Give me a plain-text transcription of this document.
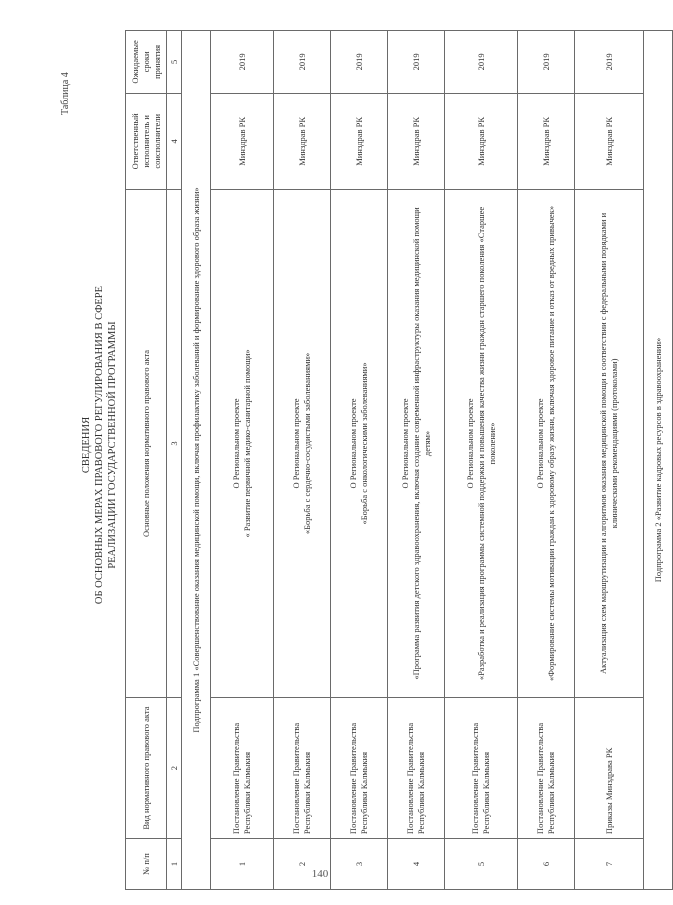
Таблица 4
СВЕДЕНИЯ ОБ ОСНОВНЫХ МЕРАХ ПРАВОВОГО РЕГУЛИРОВАНИЯ В СФЕРЕ РЕАЛИЗАЦИИ ГОСУДАРСТВЕННОЙ ПРОГРАММЫ
№ п/п	Вид нормативного правового акта	Основные положения нормативного правового акта	Ответственный исполнитель и соисполнители	Ожидаемые сроки принятия
1	2	3	4	5
Подпрограмма 1 «Совершенствование оказания медицинской помощи, включая профилактику заболеваний и формирование здорового образа жизни»				
1	Постановление Правительства Республики Калмыкия	О Региональном проекте « Развитие первичной медико-санитарной помощи»	Минздрав РК	2019
2	Постановление Правительства Республики Калмыкия	О Региональном проекте «Борьба с сердечно-сосудистыми заболеваниями»	Минздрав РК	2019
3	Постановление Правительства Республики Калмыкия	О Региональном проекте «Борьба с онкологическими заболеваниями»	Минздрав РК	2019
4	Постановление Правительства Республики Калмыкия	О Региональном проекте «Программа развития детского здравоохранения, включая создание современной инфраструктуры оказания медицинской помощи детям»	Минздрав РК	2019
5	Постановление Правительства Республики Калмыкия	О Региональном проекте «Разработка и реализация программы системной поддержки и повышения качества жизни граждан старшего поколения «Старшее поколение»	Минздрав РК	2019
6	Постановление Правительства Республики Калмыкия	О Региональном проекте «Формирование системы мотивации граждан к здоровому образу жизни, включая здоровое питание и отказ от вредных привычек»	Минздрав РК	2019
7	Приказы Минздрава РК	Актуализация схем маршрутизации и алгоритмов оказания медицинской помощи в соответствии с федеральными порядками и клиническими рекомендациями (протоколами)	Минздрав РК	2019
Подпрограмма 2 «Развитие кадровых ресурсов в здравоохранении»				
140
